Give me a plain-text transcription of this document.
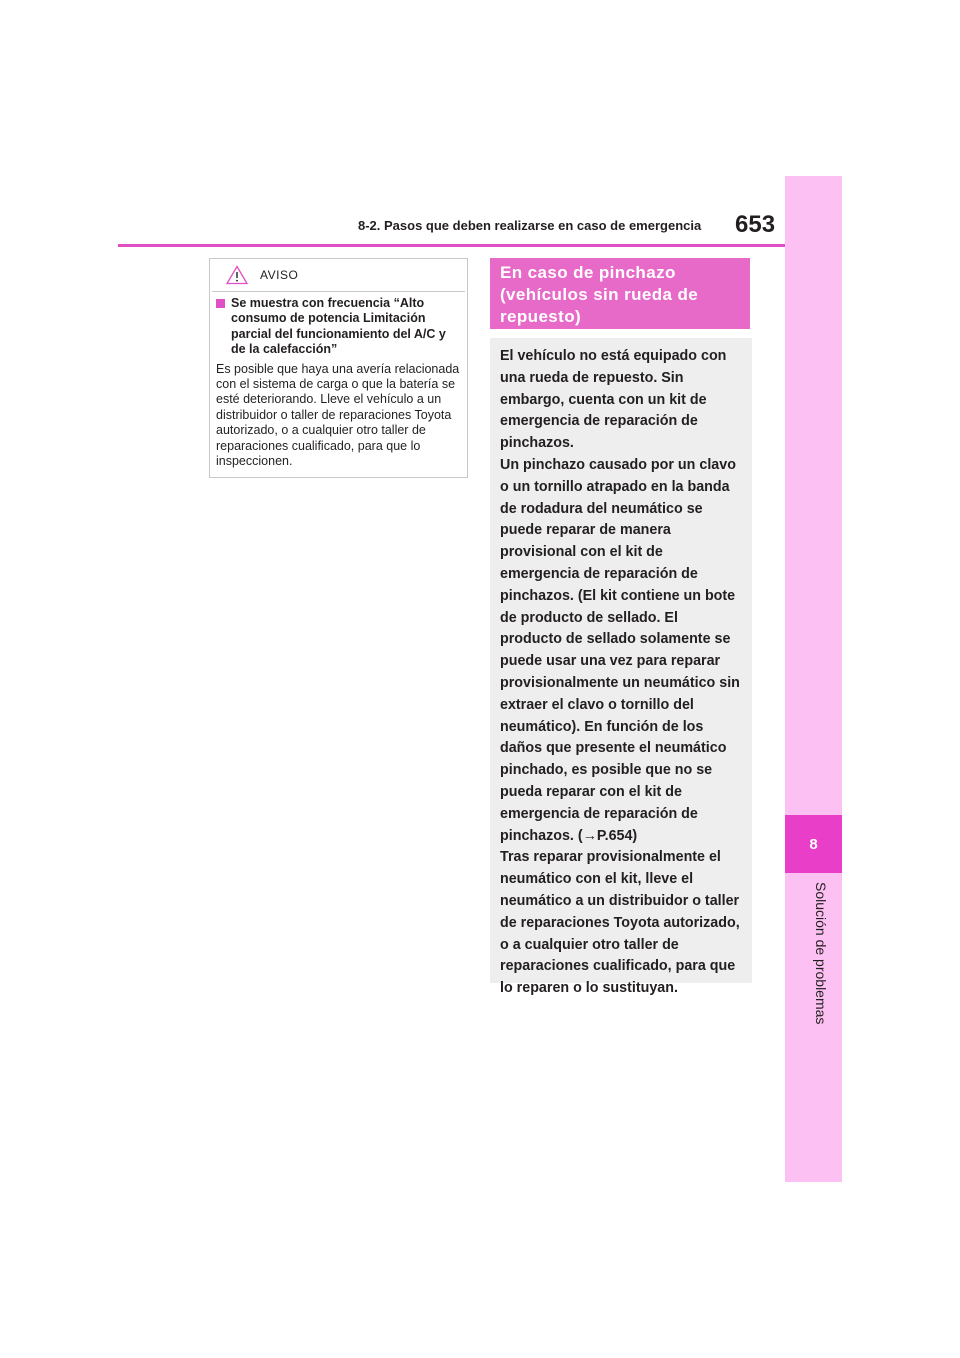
8
Solución de problemas
8-2. Pasos que deben realizarse en caso de emergencia 653
AVISO
Se muestra con frecuencia “Alto consumo de potencia Limitación parcial del funcionamiento del A/C y de la calefacción”
Es posible que haya una avería relacionada con el sistema de carga o que la batería se esté deteriorando. Lleve el vehículo a un distribuidor o taller de reparaciones Toyota autorizado, o a cualquier otro taller de reparaciones cualificado, para que lo inspeccionen.
En caso de pinchazo (vehículos sin rueda de repuesto)

El vehículo no está equipado con una rueda de repuesto. Sin embargo, cuenta con un kit de emergencia de reparación de pinchazos.

Un pinchazo causado por un clavo o un tornillo atrapado en la banda de rodadura del neumático se puede reparar de manera provisional con el kit de emergencia de reparación de pinchazos. (El kit contiene un bote de producto de sellado. El producto de sellado solamente se puede usar una vez para reparar provisionalmente un neumático sin extraer el clavo o tornillo del neumático). En función de los daños que presente el neumático pinchado, es posible que no se pueda reparar con el kit de emergencia de reparación de pinchazos. (→P.654)

Tras reparar provisionalmente el neumático con el kit, lleve el neumático a un distribuidor o taller de reparaciones Toyota autorizado, o a cualquier otro taller de reparaciones cualificado, para que lo reparen o lo sustituyan.
